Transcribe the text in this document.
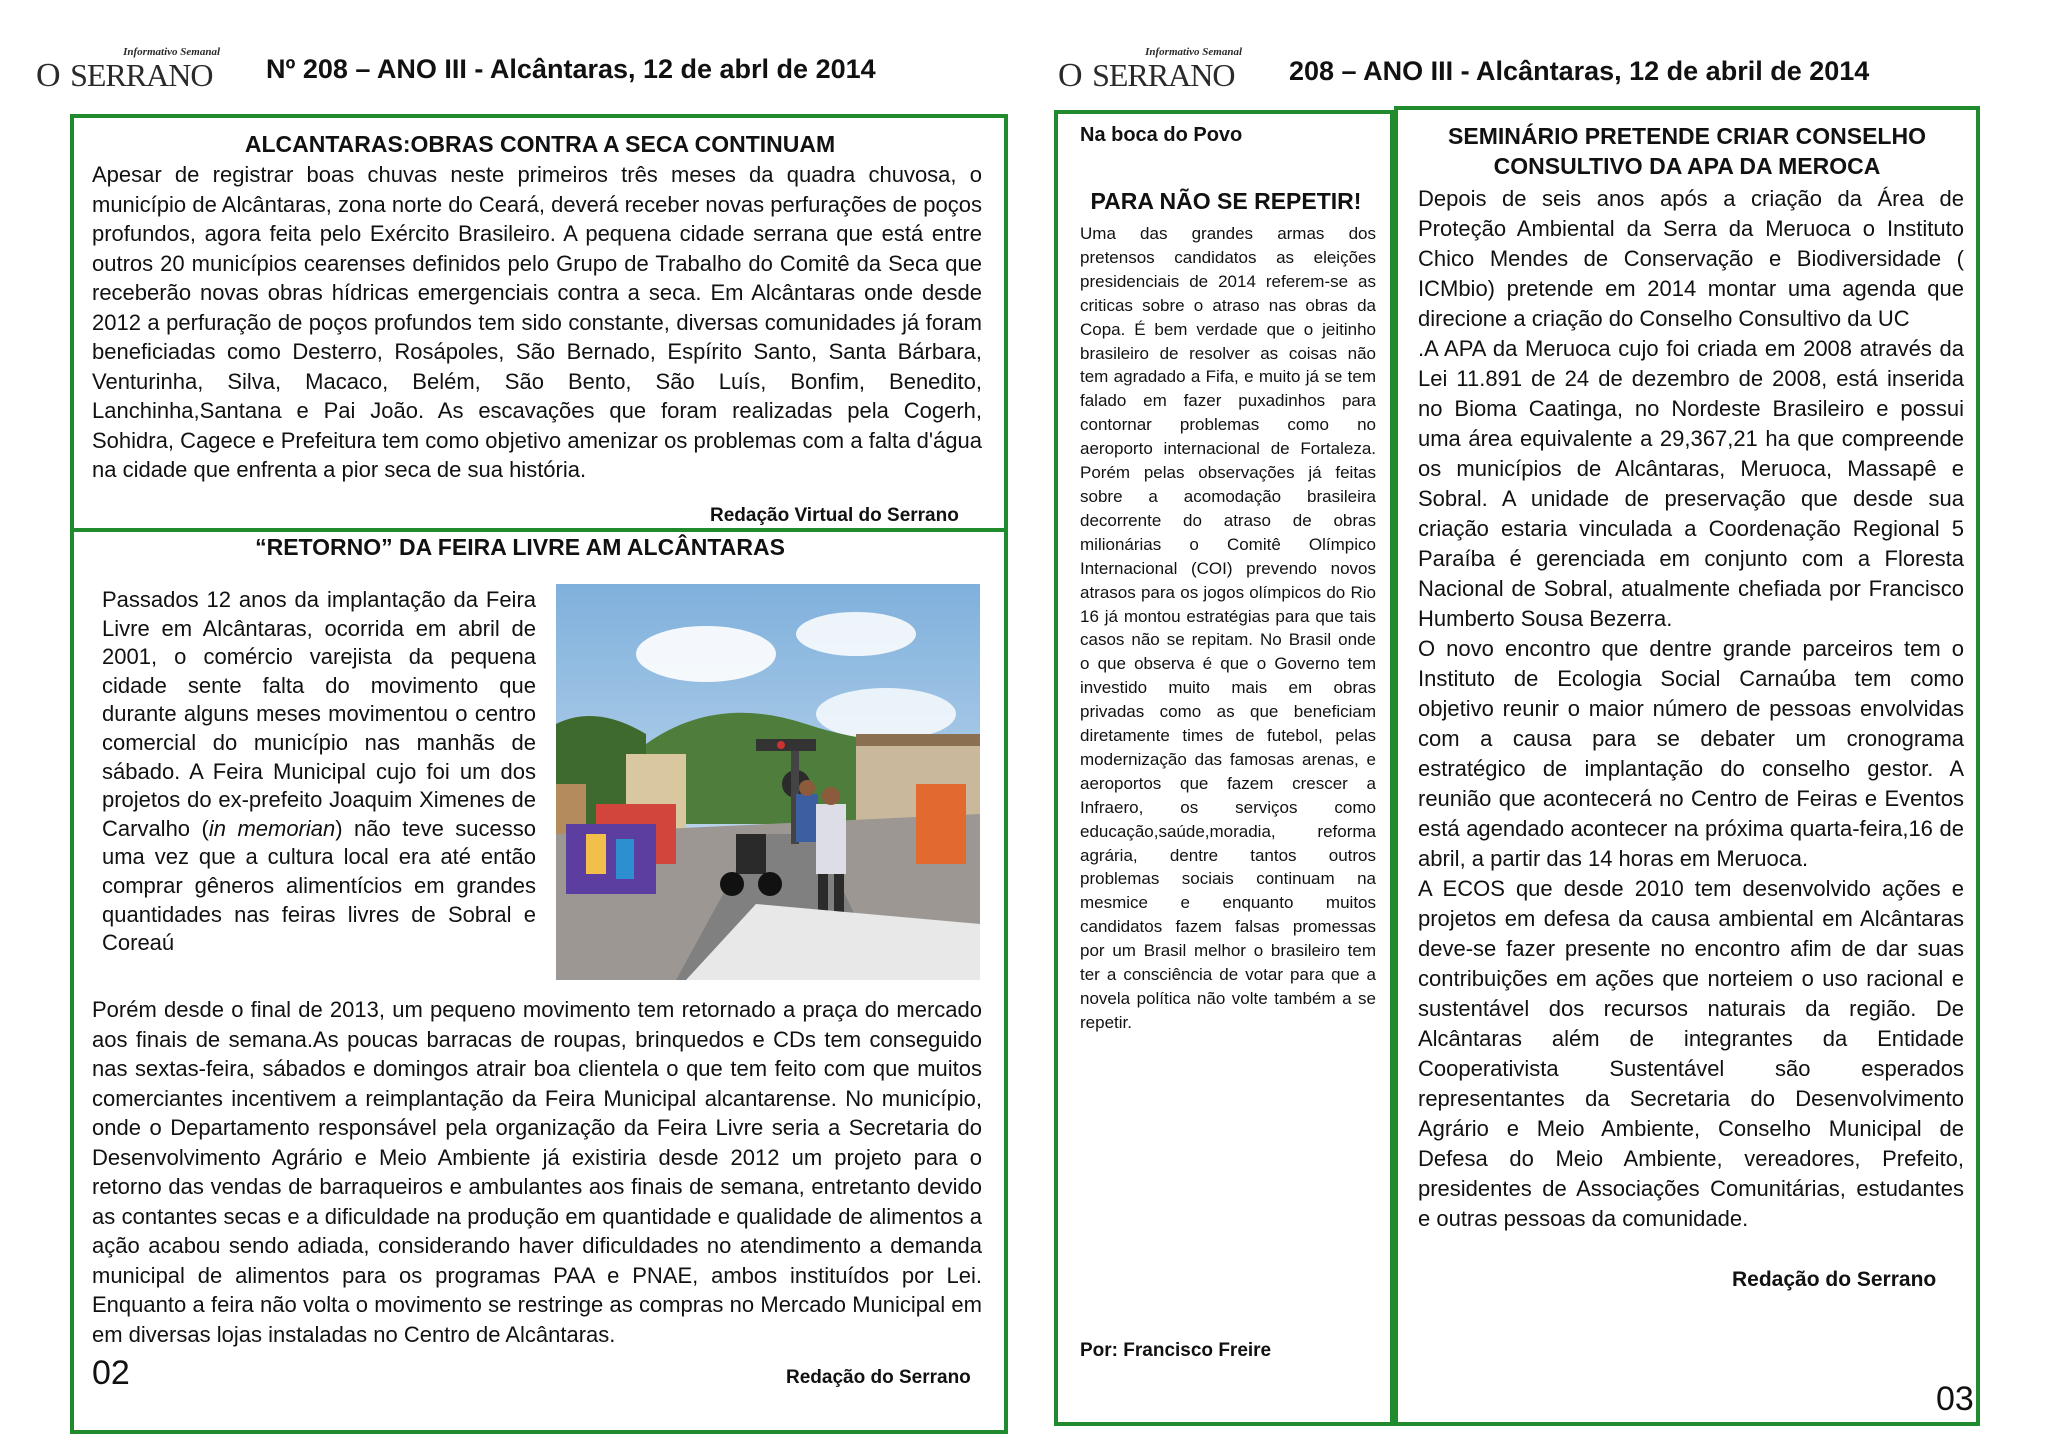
Informativo Semanal
O SERRANO	Nº 208 – ANO III - Alcântaras, 12 de abrl de 2014
ALCANTARAS:OBRAS CONTRA A SECA CONTINUAM
Apesar de registrar boas chuvas neste primeiros três meses da quadra chuvosa, o município de Alcântaras, zona norte do Ceará, deverá receber novas perfurações de poços profundos, agora feita pelo Exército Brasileiro. A pequena cidade serrana que está entre outros 20 municípios cearenses definidos pelo Grupo de Trabalho do Comitê da Seca que receberão novas obras hídricas emergenciais contra a seca. Em Alcântaras onde desde 2012 a perfuração de poços profundos tem sido constante, diversas comunidades já foram beneficiadas como Desterro, Rosápoles, São Bernado, Espírito Santo, Santa Bárbara, Venturinha, Silva, Macaco, Belém, São Bento, São Luís, Bonfim, Benedito, Lanchinha,Santana e Pai João. As escavações que foram realizadas pela Cogerh, Sohidra, Cagece e Prefeitura tem como objetivo amenizar os problemas com a falta d'água na cidade que enfrenta a pior seca de sua história.
Redação Virtual do Serrano
“RETORNO” DA FEIRA LIVRE AM ALCÂNTARAS
Passados 12 anos da implantação da Feira Livre em Alcântaras, ocorrida em abril de 2001, o comércio varejista da pequena cidade sente falta do movimento que durante alguns meses movimentou o centro comercial do município nas manhãs de sábado. A Feira Municipal cujo foi um dos projetos do ex-prefeito Joaquim Ximenes de Carvalho (in memorian) não teve sucesso uma vez que a cultura local era até então comprar gêneros alimentícios em grandes quantidades nas feiras livres de Sobral e Coreaú
Porém desde o final de 2013, um pequeno movimento tem retornado a praça do mercado aos finais de semana.As poucas barracas de roupas, brinquedos e CDs tem conseguido nas sextas-feira, sábados e domingos atrair boa clientela o que tem feito com que muitos comerciantes incentivem a reimplantação da Feira Municipal alcantarense. No município, onde o Departamento responsável pela organização da Feira Livre seria a Secretaria do Desenvolvimento Agrário e Meio Ambiente já existiria desde 2012 um projeto para o retorno das vendas de barraqueiros e ambulantes aos finais de semana, entretanto devido as contantes secas e a dificuldade na produção em quantidade e qualidade de alimentos a ação acabou sendo adiada, considerando haver dificuldades no atendimento a demanda municipal de alimentos para os programas PAA e PNAE, ambos instituídos por Lei. Enquanto a feira não volta o movimento se restringe as compras no Mercado Municipal em em diversas lojas instaladas no Centro de Alcântaras.
02	Redação do Serrano
Informativo Semanal
O SERRANO	208 – ANO III - Alcântaras, 12 de abril de 2014
Na boca do Povo
PARA NÃO SE REPETIR!
Uma das grandes armas dos pretensos candidatos as eleições presidenciais de 2014 referem-se as criticas sobre o atraso nas obras da Copa. É bem verdade que o jeitinho brasileiro de resolver as coisas não tem agradado a Fifa, e muito já se tem falado em fazer puxadinhos para contornar problemas como no aeroporto internacional de Fortaleza. Porém pelas observações já feitas sobre a acomodação brasileira decorrente do atraso de obras milionárias o Comitê Olímpico Internacional (COI) prevendo novos atrasos para os jogos olímpicos do Rio 16 já montou estratégias para que tais casos não se repitam. No Brasil onde o que observa é que o Governo tem investido muito mais em obras privadas como as que beneficiam diretamente times de futebol, pelas modernização das famosas arenas, e aeroportos que fazem crescer a Infraero, os serviços como educação,saúde,moradia, reforma agrária, dentre tantos outros problemas sociais continuam na mesmice e enquanto muitos candidatos fazem falsas promessas por um Brasil melhor o brasileiro tem ter a consciência de votar para que a novela política não volte também a se repetir.
Por: Francisco Freire
SEMINÁRIO PRETENDE CRIAR CONSELHO
CONSULTIVO DA APA DA MEROCA

Depois de seis anos após a criação da Área de Proteção Ambiental da Serra da Meruoca o Instituto Chico Mendes de Conservação e Biodiversidade ( ICMbio) pretende em 2014 montar uma agenda que direcione a criação do Conselho Consultivo da UC

.A APA da Meruoca cujo foi criada em 2008 através da Lei 11.891 de 24 de dezembro de 2008, está inserida no Bioma Caatinga, no Nordeste Brasileiro e possui uma área equivalente a 29,367,21 ha que compreende os municípios de Alcântaras, Meruoca, Massapê e Sobral. A unidade de preservação que desde sua criação estaria vinculada a Coordenação Regional 5 Paraíba é gerenciada em conjunto com a Floresta Nacional de Sobral, atualmente chefiada por Francisco Humberto Sousa Bezerra.

O novo encontro que dentre grande parceiros tem o Instituto de Ecologia Social Carnaúba tem como objetivo reunir o maior número de pessoas envolvidas com a causa para se debater um cronograma estratégico de implantação do conselho gestor. A reunião que acontecerá no Centro de Feiras e Eventos está agendado acontecer na próxima quarta-feira,16 de abril, a partir das 14 horas em Meruoca.

A ECOS que desde 2010 tem desenvolvido ações e projetos em defesa da causa ambiental em Alcântaras deve-se fazer presente no encontro afim de dar suas contribuições em ações que norteiem o uso racional e sustentável dos recursos naturais da região. De Alcântaras além de integrantes da Entidade Cooperativista Sustentável são esperados representantes da Secretaria do Desenvolvimento Agrário e Meio Ambiente, Conselho Municipal de Defesa do Meio Ambiente, vereadores, Prefeito, presidentes de Associações Comunitárias, estudantes e outras pessoas da comunidade.

Redação do Serrano
03
